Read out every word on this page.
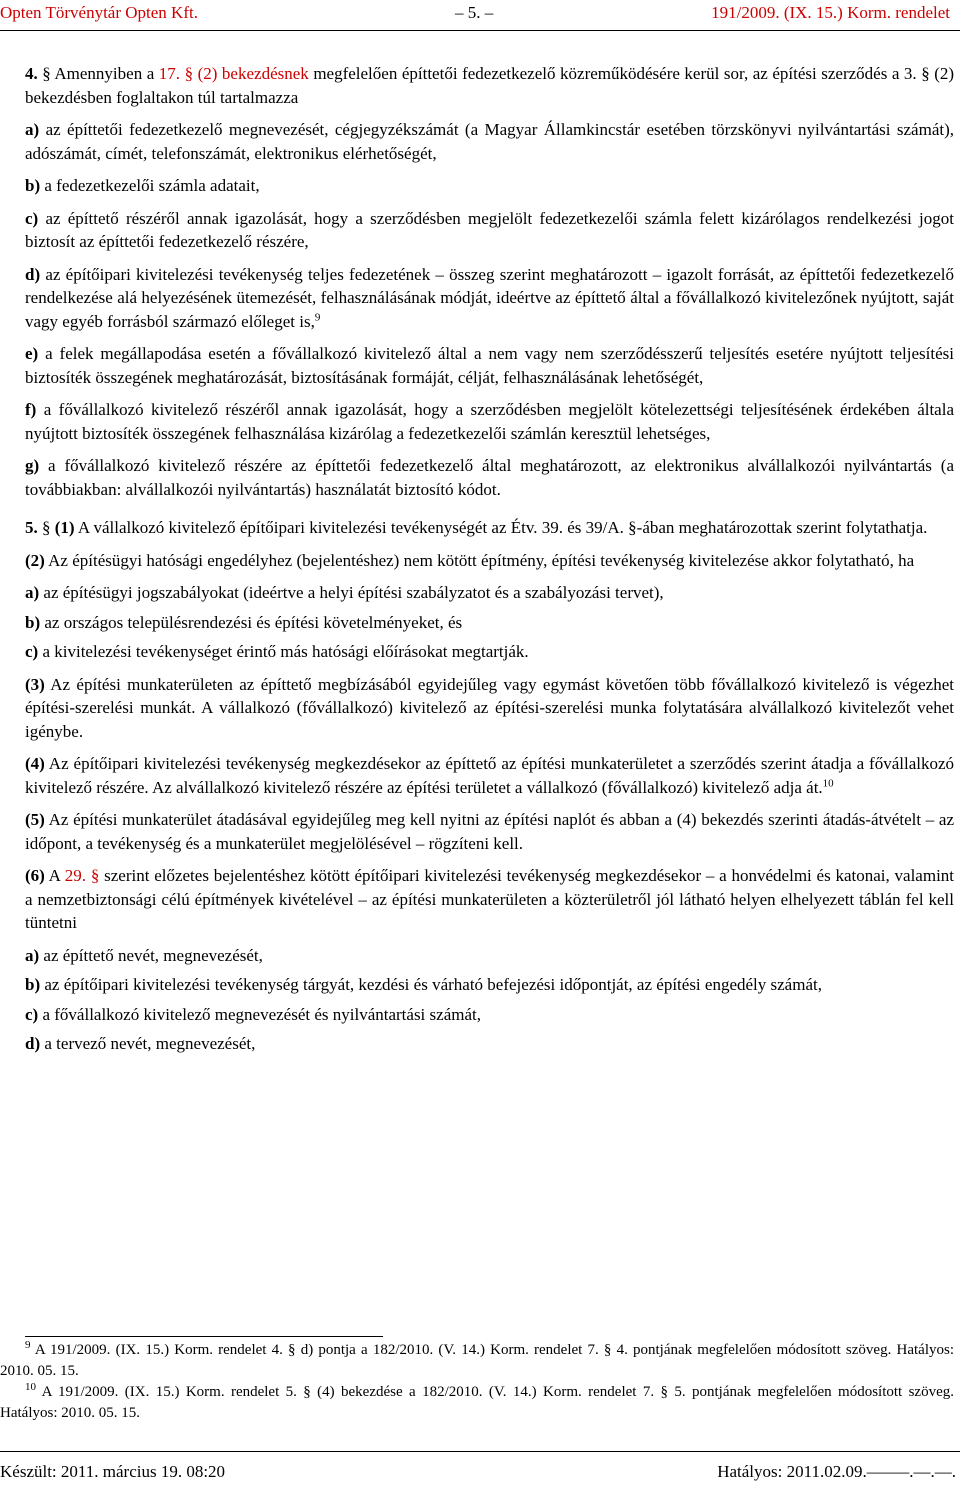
Opten Törvénytár Opten Kft.	– 5. –	191/2009. (IX. 15.) Korm. rendelet

4. § Amennyiben a 17. § (2) bekezdésnek megfelelően építtetői fedezetkezelő közreműködésére kerül sor, az építési szerződés a 3. § (2) bekezdésben foglaltakon túl tartalmazza

a) az építtetői fedezetkezelő megnevezését, cégjegyzékszámát (a Magyar Államkincstár esetében törzskönyvi nyilvántartási számát), adószámát, címét, telefonszámát, elektronikus elérhetőségét,

b) a fedezetkezelői számla adatait,

c) az építtető részéről annak igazolását, hogy a szerződésben megjelölt fedezetkezelői számla felett kizárólagos rendelkezési jogot biztosít az építtetői fedezetkezelő részére,

d) az építőipari kivitelezési tevékenység teljes fedezetének – összeg szerint meghatározott – igazolt forrását, az építtetői fedezetkezelő rendelkezése alá helyezésének ütemezését, felhasználásának módját, ideértve az építtető által a fővállalkozó kivitelezőnek nyújtott, saját vagy egyéb forrásból származó előleget is,$^9$

e) a felek megállapodása esetén a fővállalkozó kivitelező által a nem vagy nem szerződésszerű teljesítés esetére nyújtott teljesítési biztosíték összegének meghatározását, biztosításának formáját, célját, felhasználásának lehetőségét,

f) a fővállalkozó kivitelező részéről annak igazolását, hogy a szerződésben megjelölt kötelezettségi teljesítésének érdekében általa nyújtott biztosíték összegének felhasználása kizárólag a fedezetkezelői számlán keresztül lehetséges,

g) a fővállalkozó kivitelező részére az építtetői fedezetkezelő által meghatározott, az elektronikus alvállalkozói nyilvántartás (a továbbiakban: alvállalkozói nyilvántartás) használatát biztosító kódot.

5. § (1) A vállalkozó kivitelező építőipari kivitelezési tevékenységét az Étv. 39. és 39/A. §-ában meghatározottak szerint folytathatja.

(2) Az építésügyi hatósági engedélyhez (bejelentéshez) nem kötött építmény, építési tevékenység kivitelezése akkor folytatható, ha

a) az építésügyi jogszabályokat (ideértve a helyi építési szabályzatot és a szabályozási tervet),

b) az országos településrendezési és építési követelményeket, és

c) a kivitelezési tevékenységet érintő más hatósági előírásokat megtartják.

(3) Az építési munkaterületen az építtető megbízásából egyidejűleg vagy egymást követően több fővállalkozó kivitelező is végezhet építési-szerelési munkát. A vállalkozó (fővállalkozó) kivitelező az építési-szerelési munka folytatására alvállalkozó kivitelezőt vehet igénybe.

(4) Az építőipari kivitelezési tevékenység megkezdésekor az építtető az építési munkaterületet a szerződés szerint átadja a fővállalkozó kivitelező részére. Az alvállalkozó kivitelező részére az építési területet a vállalkozó (fővállalkozó) kivitelező adja át.$^{10}$

(5) Az építési munkaterület átadásával egyidejűleg meg kell nyitni az építési naplót és abban a (4) bekezdés szerinti átadás-átvételt – az időpont, a tevékenység és a munkaterület megjelölésével – rögzíteni kell.

(6) A 29. § szerint előzetes bejelentéshez kötött építőipari kivitelezési tevékenység megkezdésekor – a honvédelmi és katonai, valamint a nemzetbiztonsági célú építmények kivételével – az építési munkaterületen a közterületről jól látható helyen elhelyezett táblán fel kell tüntetni

a) az építtető nevét, megnevezését,

b) az építőipari kivitelezési tevékenység tárgyát, kezdési és várható befejezési időpontját, az építési engedély számát,

c) a fővállalkozó kivitelező megnevezését és nyilvántartási számát,

d) a tervező nevét, megnevezését,

$^9$ A 191/2009. (IX. 15.) Korm. rendelet 4. § d) pontja a 182/2010. (V. 14.) Korm. rendelet 7. § 4. pontjának megfelelően módosított szöveg. Hatályos: 2010. 05. 15.

$^{10}$ A 191/2009. (IX. 15.) Korm. rendelet 5. § (4) bekezdése a 182/2010. (V. 14.) Korm. rendelet 7. § 5. pontjának megfelelően módosított szöveg. Hatályos: 2010. 05. 15.

Készült: 2011. március 19. 08:20	Hatályos: 2011.02.09.–––––.––.––.
